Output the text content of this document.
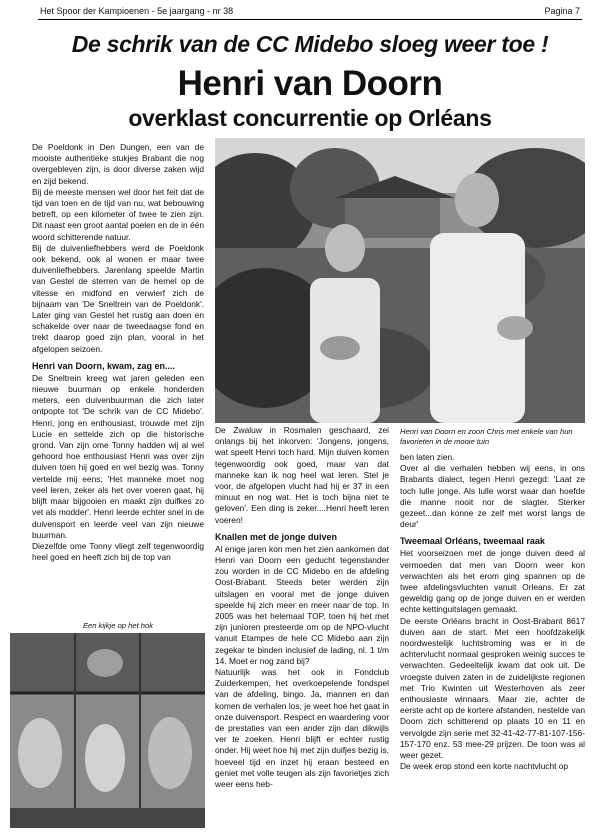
Het Spoor der Kampioenen - 5e jaargang - nr 38	Pagina 7
De schrik van de CC Midebo sloeg weer toe !
Henri van Doorn
overklast concurrentie op Orléans

De Poeldonk in Den Dungen, een van de mooiste authentieke stukjes Brabant die nog overgebleven zijn, is door diverse zaken wijd en zijd bekend.

Bij de meeste mensen wel door het feit dat de tijd van toen en de tijd van nu, wat bebouwing betreft, op een kilometer of twee te zien zijn. Dit naast een groot aantal poelen en de in één woord schitterende natuur.

Bij de duivenliefhebbers werd de Poeldonk ook bekend, ook al wonen er maar twee duivenliefhebbers. Jarenlang speelde Martin van Gestel de sterren van de hemel op de vitesse en midfond en verwierf zich de bijnaam van 'De Sneltrein van de Poeldonk'. Later ging van Gestel het rustig aan doen en schakelde over naar de tweedaagse fond en trekt daarop goed zijn plan, vooral in het afgelopen seizoen.

Henri van Doorn, kwam, zag en....

De Sneltrein kreeg wat jaren geleden een nieuwe buurman op enkele honderden meters, een duivenbuurman die zich later ontpopte tot 'De schrik van de CC Midebo'. Henri, jong en enthousiast, trouwde met zijn Lucie en settelde zich op die historische grond. Van zijn ome Tonny hadden wij al wel gehoord hoe enthousiast Henri was over zijn duiven toen hij goed en wel bezig was. Tonny vertelde mij eens; 'Het manneke moet nog veel leren, zeker als het over voeren gaat, hij blijft maar bijgooien en maakt zijn duifkes zo vet als modder'. Henri leerde echter snel in de duivensport en leerde veel van zijn nieuwe buurman.

Diezelfde ome Tonny vliegt zelf tegenwoordig heel goed en heeft zich bij de top van

Een kijkje op het hok
Henri van Doorn en zoon Chris met enkele van hun favorieten in de mooie tuin

De Zwaluw in Rosmalen geschaard, zei onlangs bij het inkorven: 'Jongens, jongens, wat speelt Henri toch hard. Mijn duiven komen tegenwoordig ook goed, maar van dat manneke kan ik nog heel wat leren. Stel je voor, de afgelopen vlucht had hij er 37 in een minuut en nog wat. Het is toch bijna niet te geloven'. Een ding is zeker....Henri heeft leren voeren!

Knallen met de jonge duiven

Al enige jaren kon men het zien aankomen dat Henri van Doorn een geducht tegenstander zou worden in de CC Midebo en de afdeling Oost-Brabant. Steeds beter werden zijn uitslagen en vooral met de jonge duiven speelde hij zich meer en meer naar de top. In 2005 was het helemaal TOP, toen hij het met zijn junioren presteerde om op de NPO-vlucht vanuit Etampes de hele CC Midebo aan zijn zegekar te binden inclusief de lading, nl. 1 t/m 14. Moet er nog zand bij?

Natuurlijk was het ook in Fondclub Zuiderkempen, het overkoepelende fondspel van de afdeling, bingo. Ja, mannen en dan komen de verhalen los, je weet hoe het gaat in onze duivensport. Respect en waardering voor de prestaties van een ander zijn dan dikwijls ver te zoeken. Henri blijft er echter rustig onder. Hij weet hoe hij met zijn duifjes bezig is, hoeveel tijd en inzet hij eraan besteed en geniet met volle teugen als zijn favorietjes zich weer eens heb-

ben laten zien.

Over al die verhalen hebben wij eens, in ons Brabants dialect, tegen Henri gezegd: 'Laat ze toch lulle jonge. Als lulle worst waar dan hoefde die manne nooit nor de slagter. Sterker gezeet...dan konne ze zelf met worst langs de deur'

Tweemaal Orléans, tweemaal raak

Het voorseizoen met de jonge duiven deed al vermoeden dat men van Doorn weer kon verwachten als het erom ging spannen op de twee afdelingsvluchten vanuit Orleans. Er zat geweldig gang op de jonge duiven en er werden echte kettinguitslagen gemaakt.

De eerste Orléans bracht in Oost-Brabant 8617 duiven aan de start. Met een hoofdzakelijk noordwestelijk luchtstroming was er in de achtervlucht normaal gesproken weinig succes te verwachten. Gedeeltelijk kwam dat ook uit. De vroegste duiven zaten in de zuidelijkste regionen met Trio Kwinten uit Westerhoven als zeer enthousiaste winnaars. Maar zie, achter de eerste acht op de kortere afstanden, nestelde van Doorn zich schitterend op plaats 10 en 11 en vervolgde zijn serie met 32-41-42-77-81-107-156-157-170 enz. 53 mee-29 prijzen. De toon was al weer gezet.

De week erop stond een korte nachtvlucht op
